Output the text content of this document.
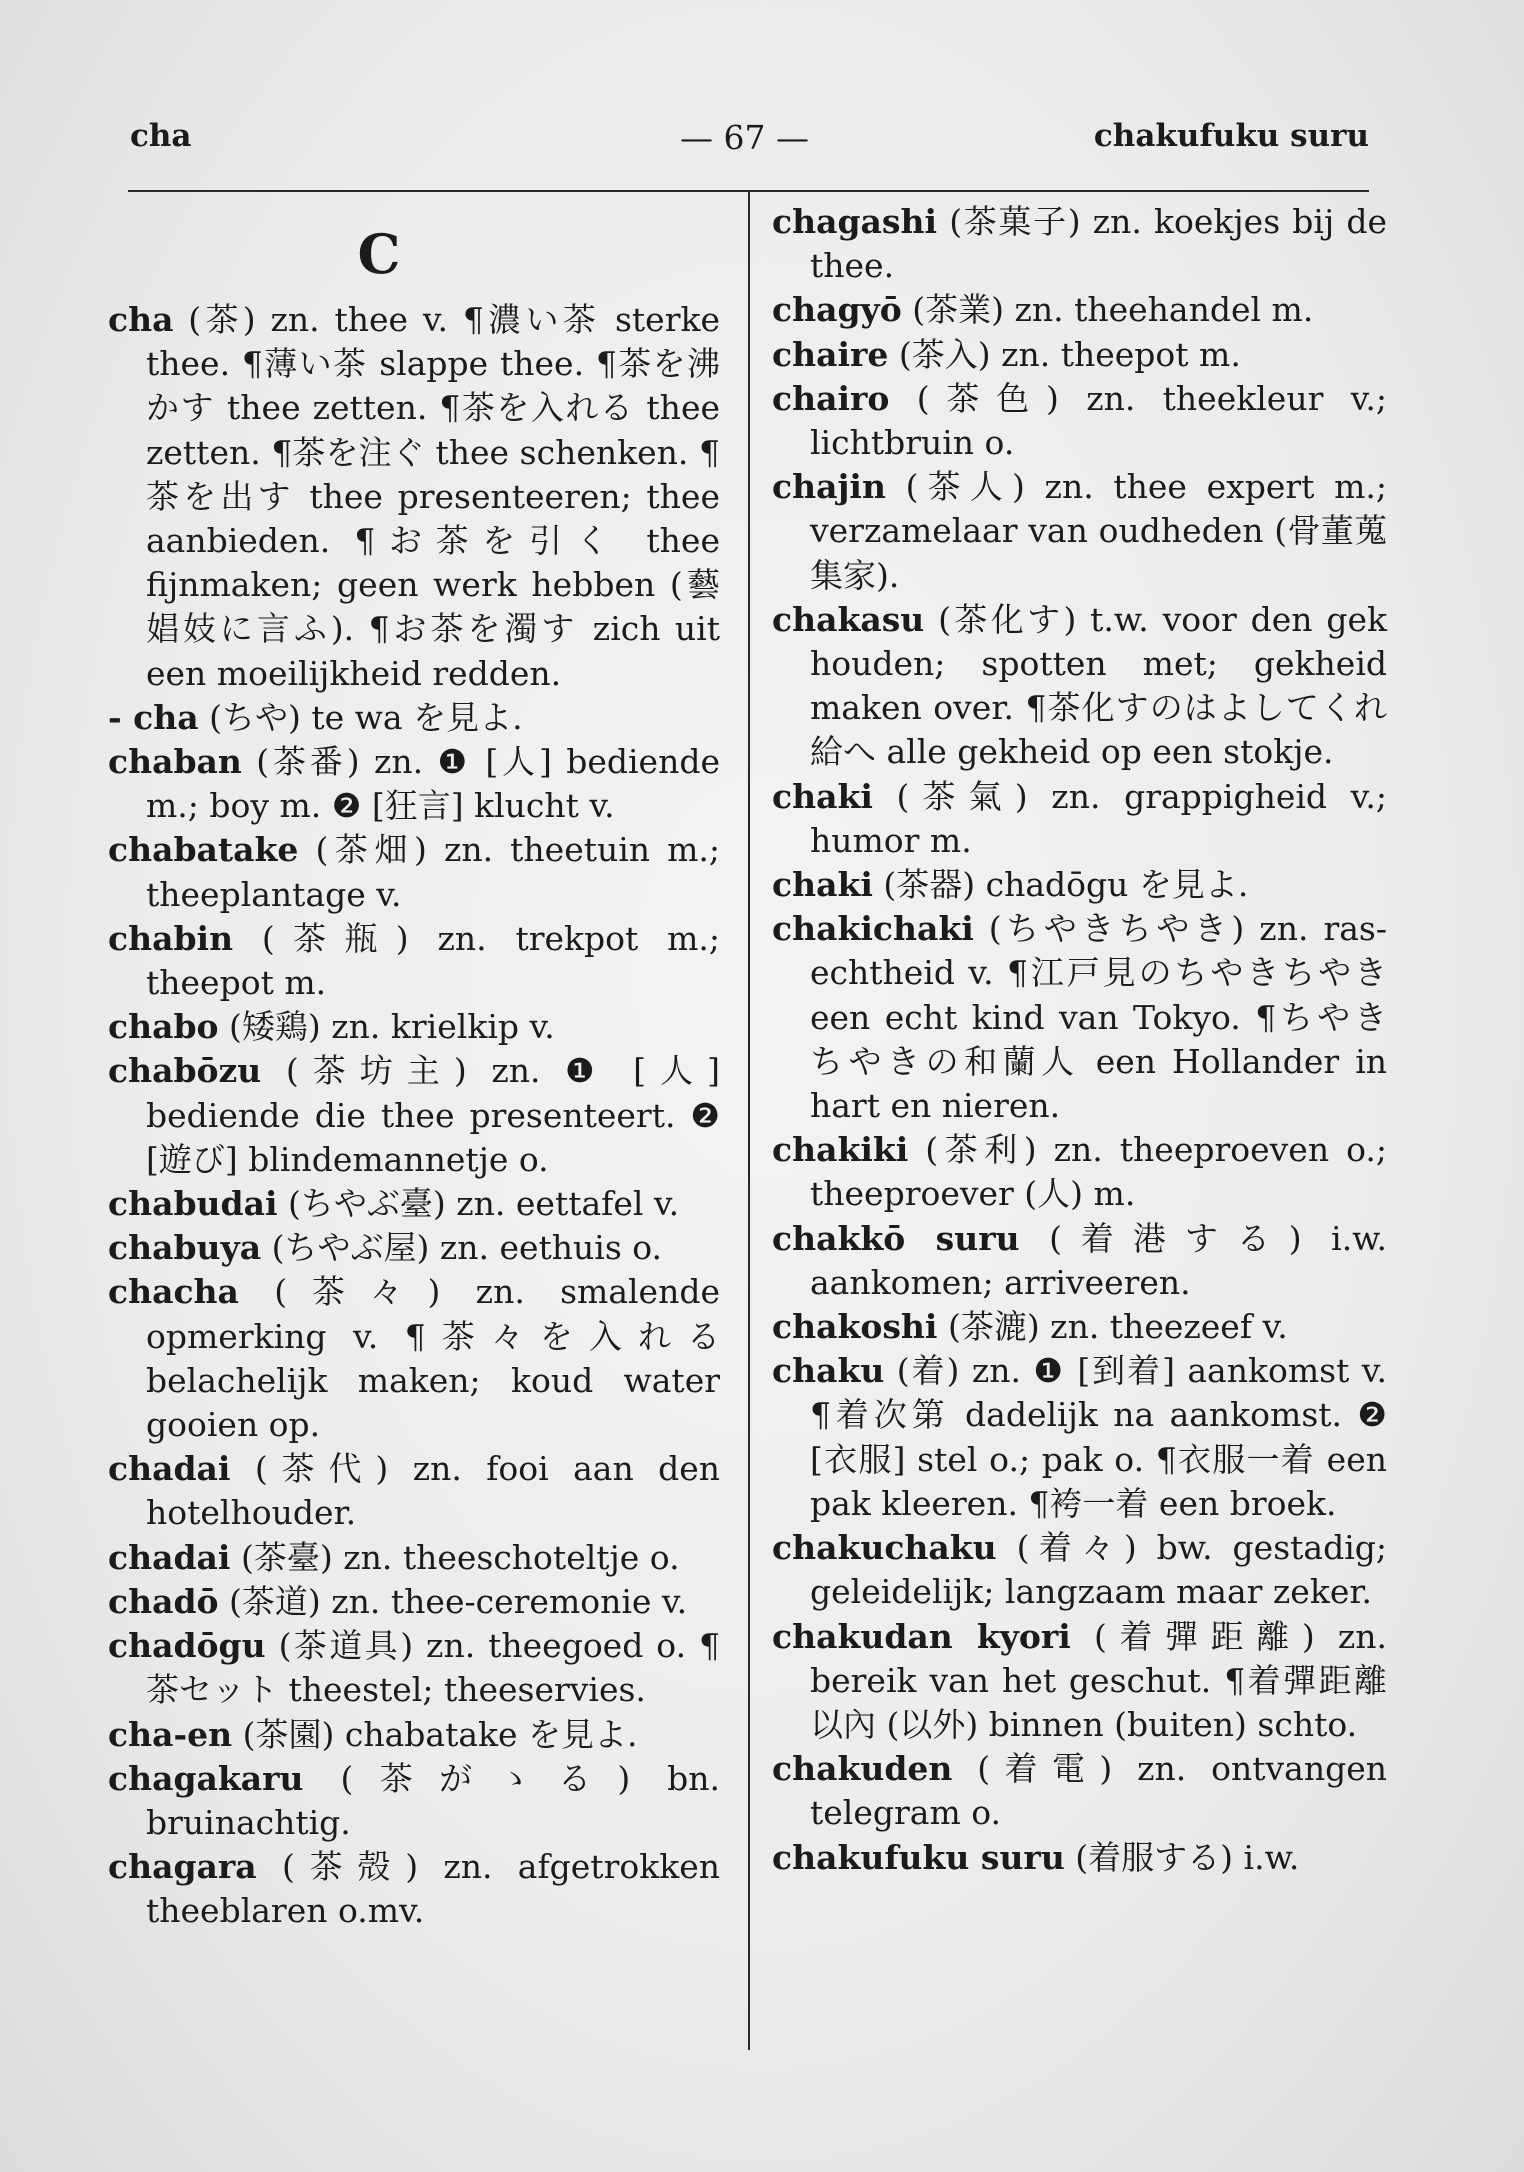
cha	— 67 —	chakufuku suru
C
cha (茶) zn. thee v. ¶濃い茶 sterke thee. ¶薄い茶 slappe thee. ¶茶を沸かす thee zetten. ¶茶を入れる thee zetten. ¶茶を注ぐ thee schenken. ¶茶を出す thee presenteeren; thee aanbieden. ¶お茶を引く thee fijnmaken; geen werk hebben (藝娼妓に言ふ). ¶お茶を濁す zich uit een moeilijkheid redden.
- cha (ちや) te wa を見よ.
chaban (茶番) zn. ❶ [人] bediende m.; boy m. ❷ [狂言] klucht v.
chabatake (茶畑) zn. theetuin m.; theeplantage v.
chabin (茶瓶) zn. trekpot m.; theepot m.
chabo (矮鶏) zn. krielkip v.
chabōzu (茶坊主) zn. ❶ [人] bediende die thee presenteert. ❷ [遊び] blindemannetje o.
chabudai (ちやぶ臺) zn. eettafel v.
chabuya (ちやぶ屋) zn. eethuis o.
chacha (茶々) zn. smalende opmerking v. ¶茶々を入れる belachelijk maken; koud water gooien op.
chadai (茶代) zn. fooi aan den hotelhouder.
chadai (茶臺) zn. theeschoteltje o.
chadō (茶道) zn. thee-ceremonie v.
chadōgu (茶道具) zn. theegoed o. ¶茶セット theestel; theeservies.
cha-en (茶園) chabatake を見よ.
chagakaru (茶がゝる) bn. bruinachtig.
chagara (茶殻) zn. afgetrokken theeblaren o.mv.
chagashi (茶菓子) zn. koekjes bij de thee.
chagyō (茶業) zn. theehandel m.
chaire (茶入) zn. theepot m.
chairo (茶色) zn. theekleur v.; lichtbruin o.
chajin (茶人) zn. thee expert m.; verzamelaar van oudheden (骨董蒐集家).
chakasu (茶化す) t.w. voor den gek houden; spotten met; gekheid maken over. ¶茶化すのはよしてくれ給へ alle gekheid op een stokje.
chaki (茶氣) zn. grappigheid v.; humor m.
chaki (茶器) chadōgu を見よ.
chakichaki (ちやきちやき) zn. ras-echtheid v. ¶江戸見のちやきちやき een echt kind van Tokyo. ¶ちやきちやきの和蘭人 een Hollander in hart en nieren.
chakiki (茶利) zn. theeproeven o.; theeproever (人) m.
chakkō suru (着港する) i.w. aankomen; arriveeren.
chakoshi (茶漉) zn. theezeef v.
chaku (着) zn. ❶ [到着] aankomst v. ¶着次第 dadelijk na aankomst. ❷ [衣服] stel o.; pak o. ¶衣服一着 een pak kleeren. ¶袴一着 een broek.
chakuchaku (着々) bw. gestadig; geleidelijk; langzaam maar zeker.
chakudan kyori (着彈距離) zn. bereik van het geschut. ¶着彈距離以內 (以外) binnen (buiten) schto.
chakuden (着電) zn. ontvangen telegram o.
chakufuku suru (着服する) i.w.
